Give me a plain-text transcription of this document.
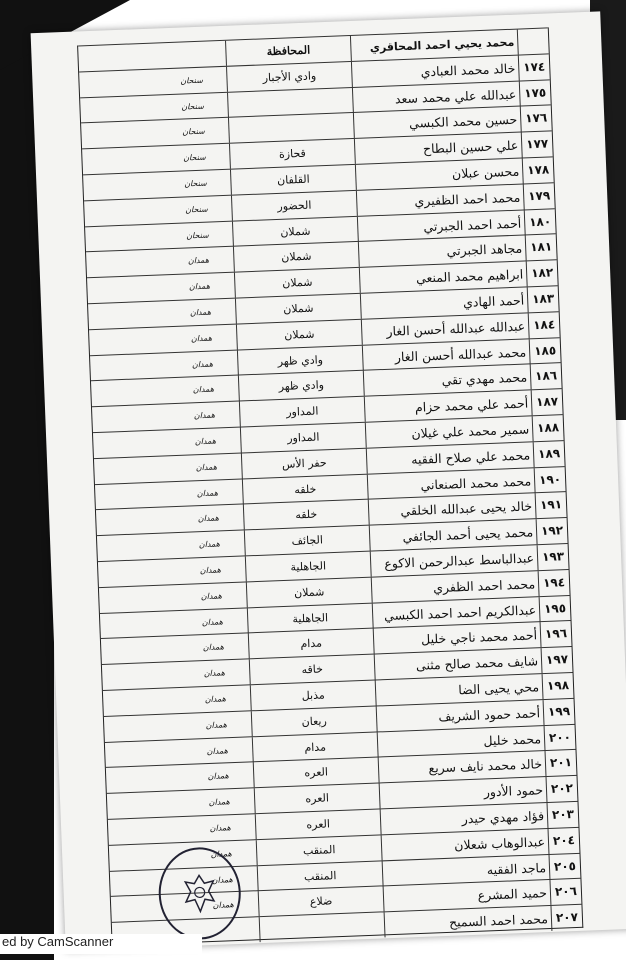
محمد يحيي احمد المحاقري
المحافظة
١٧٤
خالد محمد العبادي
وادي الأجبار
سنحان
١٧٥
عبدالله علي محمد سعد
سنحان
١٧٦
حسين محمد الكبسي
سنحان
١٧٧
علي حسين البطاح
قحازة
سنحان
١٧٨
محسن عبلان
القلفان
سنحان
١٧٩
محمد احمد الظفيري
الحضور
سنحان
١٨٠
أحمد احمد الجبرتي
شملان
سنحان
١٨١
مجاهد الجبرتي
شملان
همدان
١٨٢
ابراهيم محمد المنعي
شملان
همدان
١٨٣
أحمد الهادي
شملان
همدان
١٨٤
عبدالله عبدالله أحسن الغار
شملان
همدان
١٨٥
محمد عبدالله أحسن الغار
وادي ظهر
همدان
١٨٦
محمد مهدي تقي
وادي ظهر
همدان
١٨٧
أحمد علي محمد حزام
المداور
همدان
١٨٨
سمير محمد علي غيلان
المداور
همدان
١٨٩
محمد علي صلاح الفقيه
حفر الأس
همدان
١٩٠
محمد محمد الصنعاني
خلقه
همدان
١٩١
خالد يحيى عبدالله الخلقي
خلقه
همدان
١٩٢
محمد يحيى أحمد الجائفي
الجائف
همدان
١٩٣
عبدالباسط عبدالرحمن الاكوع
الجاهلية
همدان
١٩٤
محمد احمد الظفري
شملان
همدان
١٩٥
عبدالكريم احمد احمد الكبسي
الجاهلية
همدان
١٩٦
أحمد محمد ناجي خليل
مدام
همدان
١٩٧
شايف محمد صالح مثنى
خاقه
همدان
١٩٨
محي يحيى الضا
مذبل
همدان
١٩٩
أحمد حمود الشريف
ريعان
همدان
٢٠٠
محمد خليل
مدام
همدان
٢٠١
خالد محمد نايف سريع
العره
همدان
٢٠٢
حمود الأدور
العره
همدان
٢٠٣
فؤاد مهدي حيدر
العره
همدان
٢٠٤
عبدالوهاب شعلان
المنقب
همدان
٢٠٥
ماجد الفقيه
المنقب
همدان
٢٠٦
حميد المشرع
ضلاع
همدان
٢٠٧
محمد احمد السميح
ed by CamScanner
